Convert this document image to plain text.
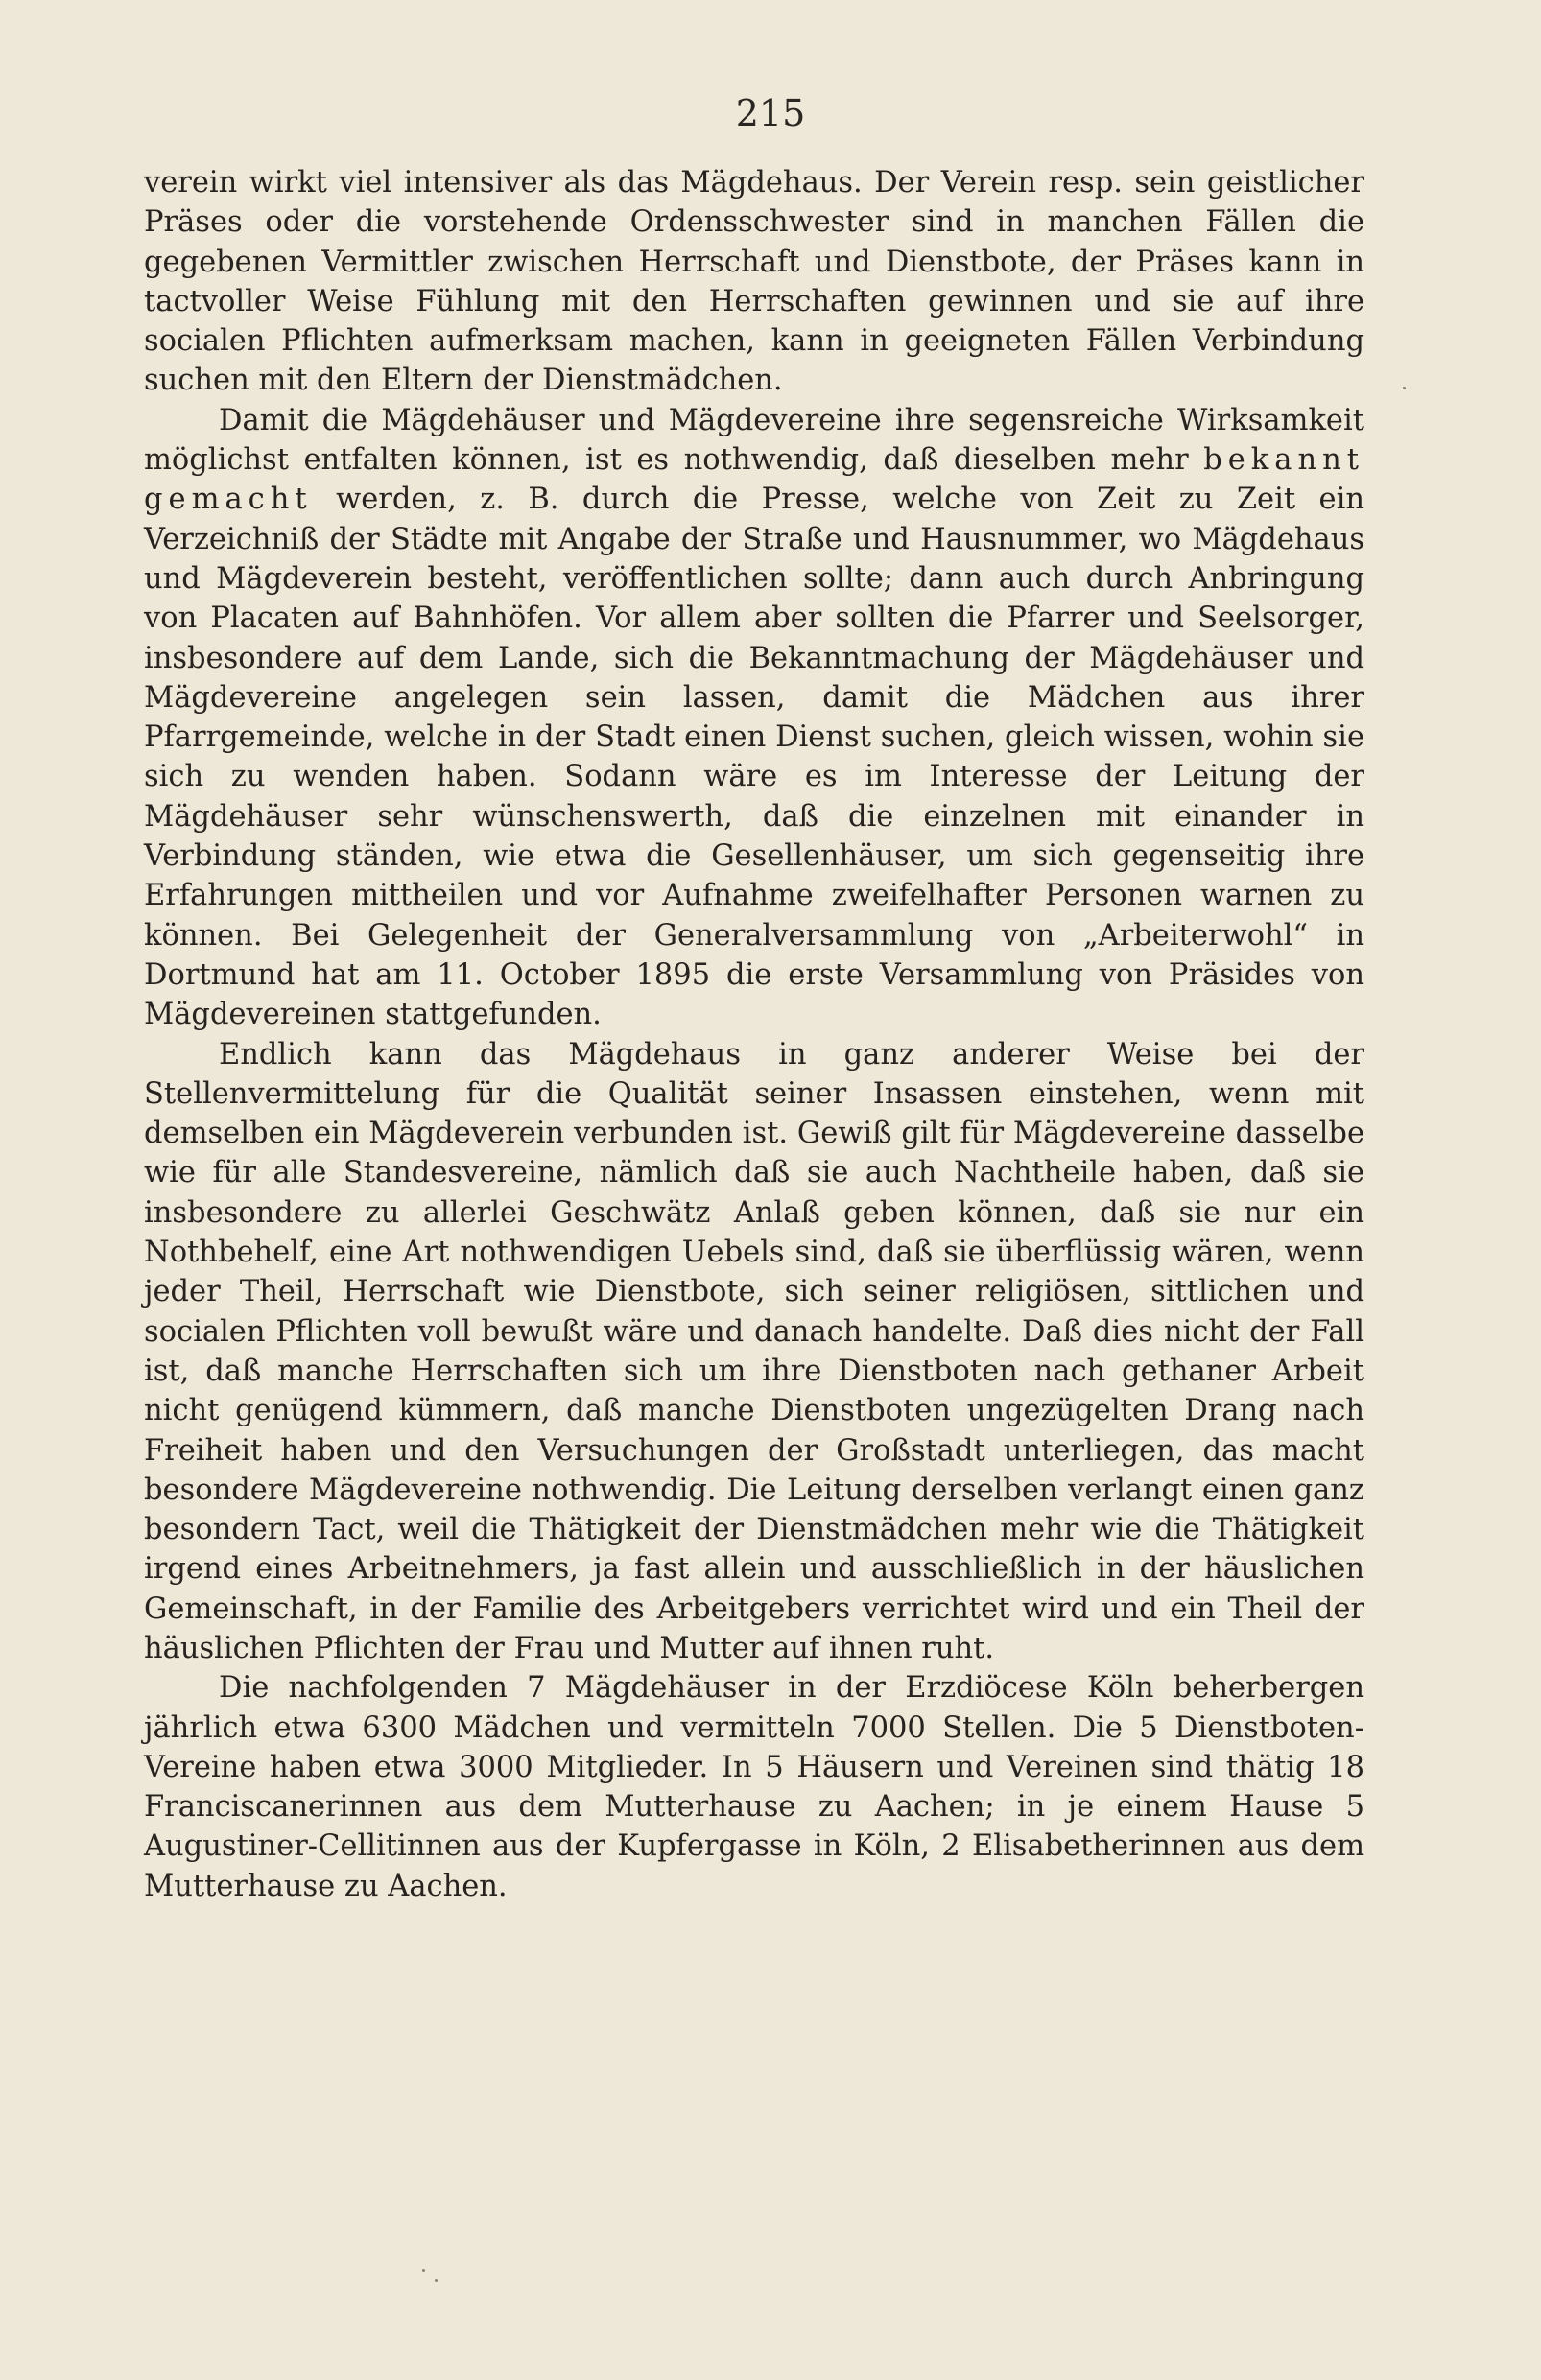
215

verein wirkt viel intensiver als das Mägdehaus. Der Verein resp. sein geistlicher Präses oder die vorstehende Ordensschwester sind in manchen Fällen die gegebenen Vermittler zwischen Herrschaft und Dienstbote, der Präses kann in tactvoller Weise Fühlung mit den Herrschaften gewinnen und sie auf ihre socialen Pflichten aufmerksam machen, kann in geeigneten Fällen Verbindung suchen mit den Eltern der Dienstmädchen.

Damit die Mägdehäuser und Mägdevereine ihre segensreiche Wirksamkeit möglichst entfalten können, ist es nothwendig, daß dieselben mehr bekannt gemacht werden, z. B. durch die Presse, welche von Zeit zu Zeit ein Verzeichniß der Städte mit Angabe der Straße und Hausnummer, wo Mägdehaus und Mägdeverein besteht, veröffentlichen sollte; dann auch durch Anbringung von Placaten auf Bahnhöfen. Vor allem aber sollten die Pfarrer und Seelsorger, insbesondere auf dem Lande, sich die Bekanntmachung der Mägdehäuser und Mägdevereine angelegen sein lassen, damit die Mädchen aus ihrer Pfarrgemeinde, welche in der Stadt einen Dienst suchen, gleich wissen, wohin sie sich zu wenden haben. Sodann wäre es im Interesse der Leitung der Mägdehäuser sehr wünschenswerth, daß die einzelnen mit einander in Verbindung ständen, wie etwa die Gesellenhäuser, um sich gegenseitig ihre Erfahrungen mittheilen und vor Aufnahme zweifelhafter Personen warnen zu können. Bei Gelegenheit der Generalversammlung von „Arbeiterwohl“ in Dortmund hat am 11. October 1895 die erste Versammlung von Präsides von Mägdevereinen stattgefunden.

Endlich kann das Mägdehaus in ganz anderer Weise bei der Stellenvermittelung für die Qualität seiner Insassen einstehen, wenn mit demselben ein Mägdeverein verbunden ist. Gewiß gilt für Mägdevereine dasselbe wie für alle Standesvereine, nämlich daß sie auch Nachtheile haben, daß sie insbesondere zu allerlei Geschwätz Anlaß geben können, daß sie nur ein Nothbehelf, eine Art nothwendigen Uebels sind, daß sie überflüssig wären, wenn jeder Theil, Herrschaft wie Dienstbote, sich seiner religiösen, sittlichen und socialen Pflichten voll bewußt wäre und danach handelte. Daß dies nicht der Fall ist, daß manche Herrschaften sich um ihre Dienstboten nach gethaner Arbeit nicht genügend kümmern, daß manche Dienstboten ungezügelten Drang nach Freiheit haben und den Versuchungen der Großstadt unterliegen, das macht besondere Mägdevereine nothwendig. Die Leitung derselben verlangt einen ganz besondern Tact, weil die Thätigkeit der Dienstmädchen mehr wie die Thätigkeit irgend eines Arbeitnehmers, ja fast allein und ausschließlich in der häuslichen Gemeinschaft, in der Familie des Arbeitgebers verrichtet wird und ein Theil der häuslichen Pflichten der Frau und Mutter auf ihnen ruht.

Die nachfolgenden 7 Mägdehäuser in der Erzdiöcese Köln beherbergen jährlich etwa 6300 Mädchen und vermitteln 7000 Stellen. Die 5 Dienstboten-Vereine haben etwa 3000 Mitglieder. In 5 Häusern und Vereinen sind thätig 18 Franciscanerinnen aus dem Mutterhause zu Aachen; in je einem Hause 5 Augustiner-Cellitinnen aus der Kupfergasse in Köln, 2 Elisabetherinnen aus dem Mutterhause zu Aachen.
